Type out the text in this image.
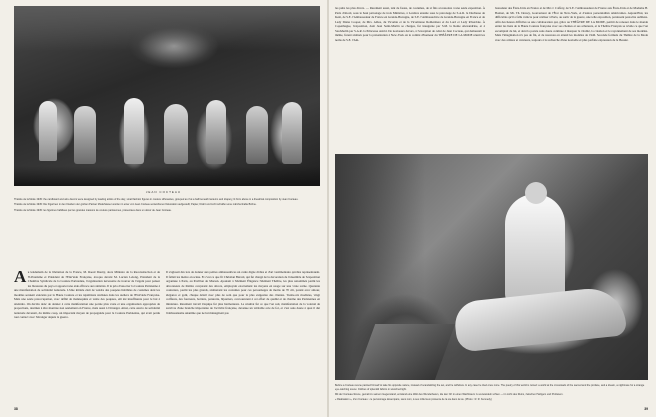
JEAN COCTEAU

Théâtre de la Mode 1945: the cardboard and wire décors were designed by leading artists of the day; small fashion figures in couture silhouettes, grouped as if at a ball beneath lanterns and drapery, lit from above in a theatrical composition by Jean Cocteau.

Théâtre de la Mode 1945: Die Figurinen in den Kleidern der großen Pariser Modehäuser wurden in einer von Jean Cocteau entworfenen Dekoration aufgestellt; Papier, Draht und Licht schaffen eine märchenhafte Bühne.

Théâtre de la Mode 1945: les figurines habillées par les grandes maisons de couture parisiennes, présentées dans un décor de Jean Cocteau.

A u lendemain de la libération de la France, M. Raoul Dautry, alors Ministre de la Reconstruction et de l'Urbanisme et Président de l'Entr'aide Française, évoqua devant M. Lucien Lelong, Président de la Chambre Syndicale de la Couture Parisienne, l'organisation nécessaire de trouver de l'argent pour panser les blessures du pays et apporter une aide efficace aux sinistrés. Il le pria d'associer la Couture Parisienne à une manifestation de solidarité nationale. L'idée initiale était de vendre des poupées habillées de costumes dont les modèles seraient exécutés par la Haute Couture et les répétitions réalisées dans les ateliers de l'Entr'aide Française. Mais une seule préoccupation, avec défilé de mannequins et vente des poupées, eût été insuffisante pour le but à atteindre. On décida donc de donner à cette manifestation une portée plus vaste et une organisation appropriée de proportions, destinée à être montrée non seulement en France, mais aussi à l'étranger. Ainsi, cette œuvre de solidarité nationale devenait, du même coup, un important moyen de propagande pour la Couture Parisienne, qui avait perdu tout contact avec l'étranger depuis la guerre.

Il s'agissait dès lors de donner aux petites ambassadrices un cadre digne d'elles et d'art vestimentaire qu'elles représentaient. Il fallait les mettre en scène. Et c'est ce que fit Christian Bérard, qui fut chargé de la décoration de l'ensemble de l'exposition organisée à Paris, au Pavillon de Marsan. Ajoutant à l'élément Élégance l'élément Théâtre, les plus renommés parmi les décorateurs de théâtre conçurent des décors, employant exactement les moyens en usage sur une vraie scène. Quarante couturiers, parmi les plus grands, réalisèrent les costumes pour ces personnages de moins de 70 cm, parant avec amour, élégance et goût, chaque détail avec plus de soin que pour la plus exigeante des clientes. Trente-six modistes, vingt coiffeurs, des fourreurs, bottiers, parurerie, bijoutiers, concoururent à cet effort de qualité et de charme des Parisiennes en miniature. Rarement travail n'équipe fut plus harmonieux. Le résultat fut ce que l'on sait, manifestation de la volonté de survivre d'une branche importante de l'activité française, devenue un véritable acte de foi, et c'est sans doute à quoi il dut l'enthousiasme unanime que ne lui ménagèrent pas

38

les pubs les plus divers. — Rarement aussi, tant de fastes, de costumes, de si fins accessoires à une seule exposition. À Paris d'abord, sous le haut patronage de trois Ministres, à Londres ensuite sous le patronage de S.A.R. la Duchesse de Kent, de S.E. l'Ambassadeur de France en Grande-Bretagne, de S.E. l'Ambassadrice de Grande-Bretagne en France et de Lady Diana Cooper, de Mrs. Attlee, du Vicomte et de la Vicomtesse Rothermere et du Lord et Lady Riverdale. À Copenhague, l'exposition, dont Jean Saint-Martin se chargea, fut inaugurée par S.M. la Reine Alexandrine, et à Stockholm par S.A.R. la Princesse Astrid. De nouveaux décors, à l'exception de celui de Jean Cocteau, qui demeurait le même, furent réalisés pour la présentation à New-York où le comité d'honneur du THÉÂTRE DE LA MODE réunit les noms de S.E. l'Am-

bassadeur des États-Unis en France et de Mrs J. Caffery, de S.E. l'Ambassadeur de France aux États-Unis et de Madame H. Bonnet, de Mr. Th. Dewey, Gouverneur de l'État de New-York, et d'autres personnalités américaines. Aujourd'hui, les difficultés qu'il a fallu vaincre pour réaliser à Paris, au sortir de la guerre, une telle exposition, paraissent peut-être oubliées. Afin des heures difficiles se une collaboration qui, grâce au THÉÂTRE DE LA MODE, permit de renouer dans le monde entier les liens de la Haute Couture française avec ses clientes et ses acheteurs, et le Théâtre Français se révèle ce que l'on escomptait de lui, et dont la portée sans doute continue à marquer la vitalité, la création et le rayonnement de ses modèles. Mais l'imagination n'a pas de fin, et de nouveau on attend les modèles de 1946. Seconde formule du Théâtre de la Mode avec des artistes et créateurs, toujours à la recherche d'une nouvelle et plus parfaite expression de la Beauté.

Before a Cocteau scene painted himself to take his opposite nature, instead of scandalizing the set, and he withdrew. In any case he tried once more. The poetry of this world is ruined: a world at the crossroads of the sacred and the profane, and a dream, a nightmare for a strange eye-catching scene: Clothes of splendid fabrics in wretched light.

Mit der Cocteau-Szene, gemalt zu seinem Gegenstand, entstand eine Welt des Wunderbaren, die den Ort in einen Wachtraum zu verwandeln schien — im Licht des Ruins, zwischen Heiligem und Profanem.

« Réalisation », d'un Cocteau : ce personnage désemparé, sans nom, à ses mille lieux présente de la vie dans la vie. (Photo : R. R. Kennedy)

39
